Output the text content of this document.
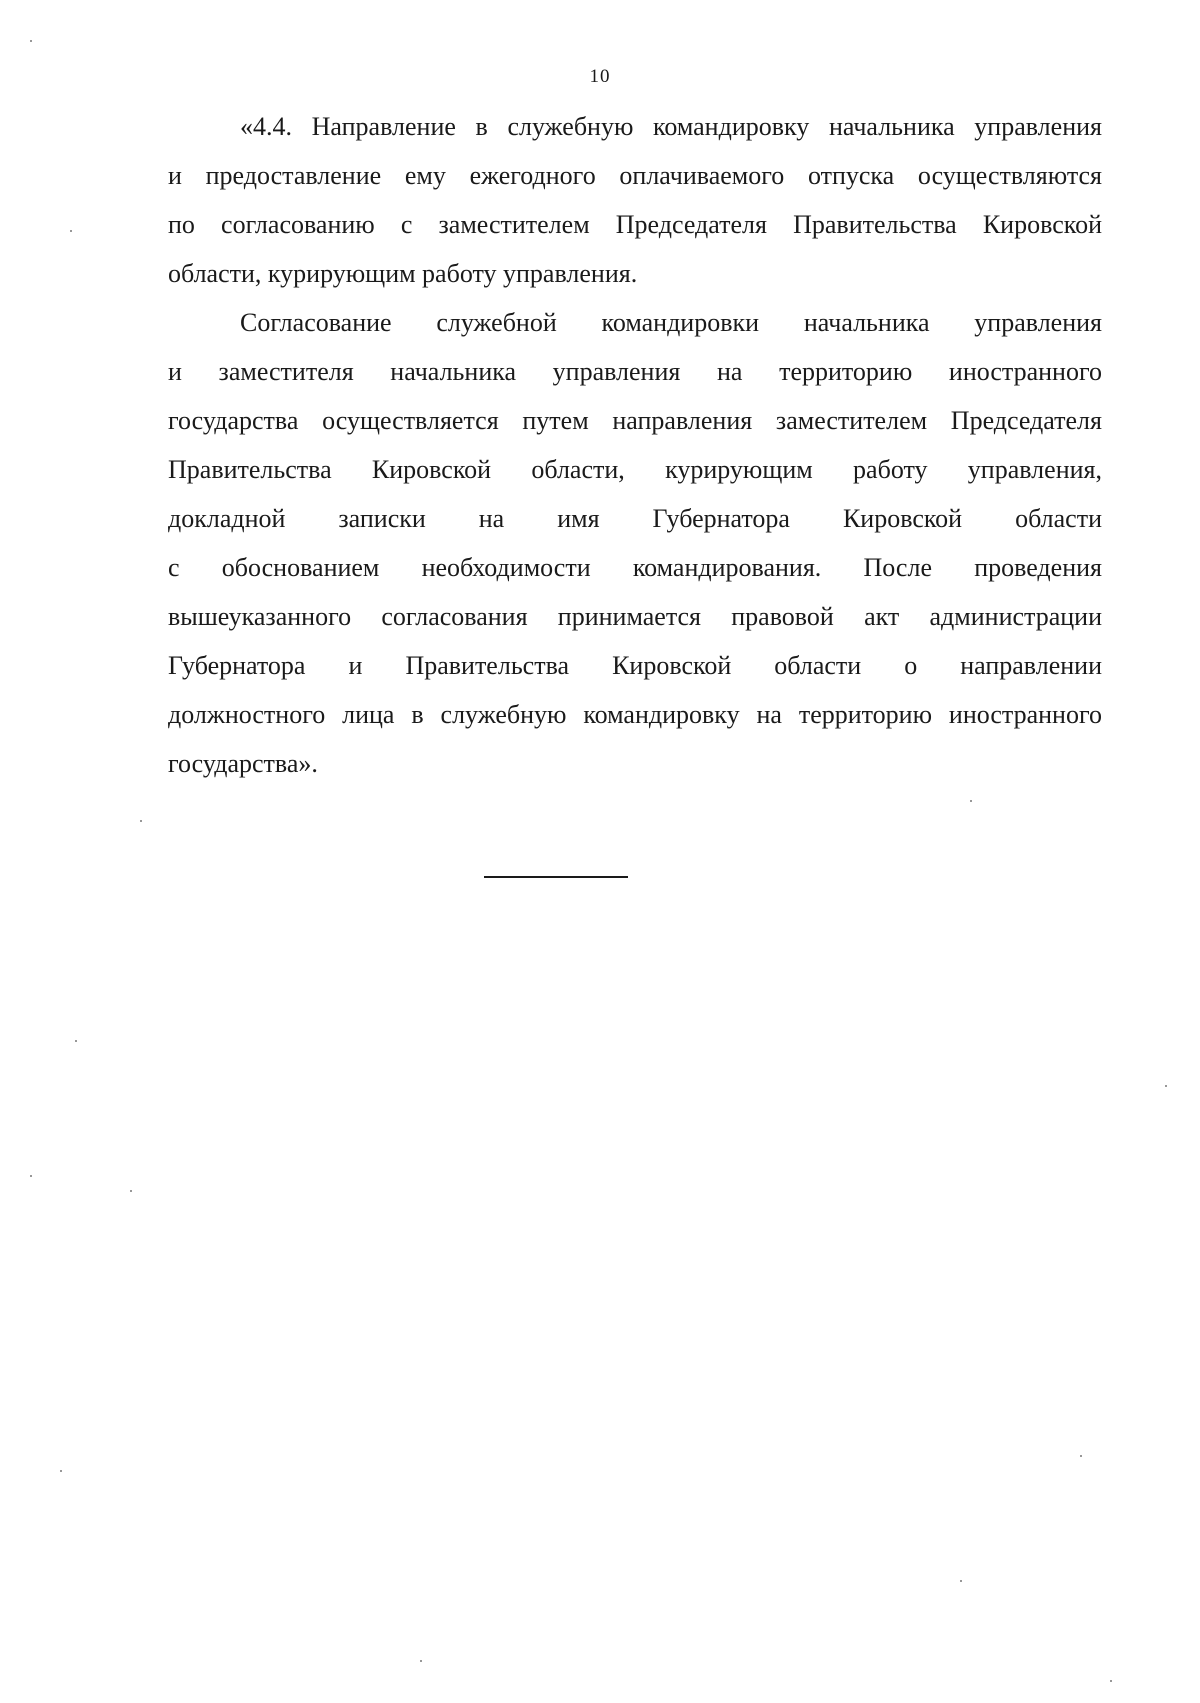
10
«4.4. Направление в служебную командировку начальника управления
и предоставление ему ежегодного оплачиваемого отпуска осуществляются
по согласованию с заместителем Председателя Правительства Кировской
области, курирующим работу управления.
Согласование служебной командировки начальника управления
и заместителя начальника управления на территорию иностранного
государства осуществляется путем направления заместителем Председателя
Правительства Кировской области, курирующим работу управления,
докладной записки на имя Губернатора Кировской области
с обоснованием необходимости командирования. После проведения
вышеуказанного согласования принимается правовой акт администрации
Губернатора и Правительства Кировской области о направлении
должностного лица в служебную командировку на территорию иностранного
государства».
